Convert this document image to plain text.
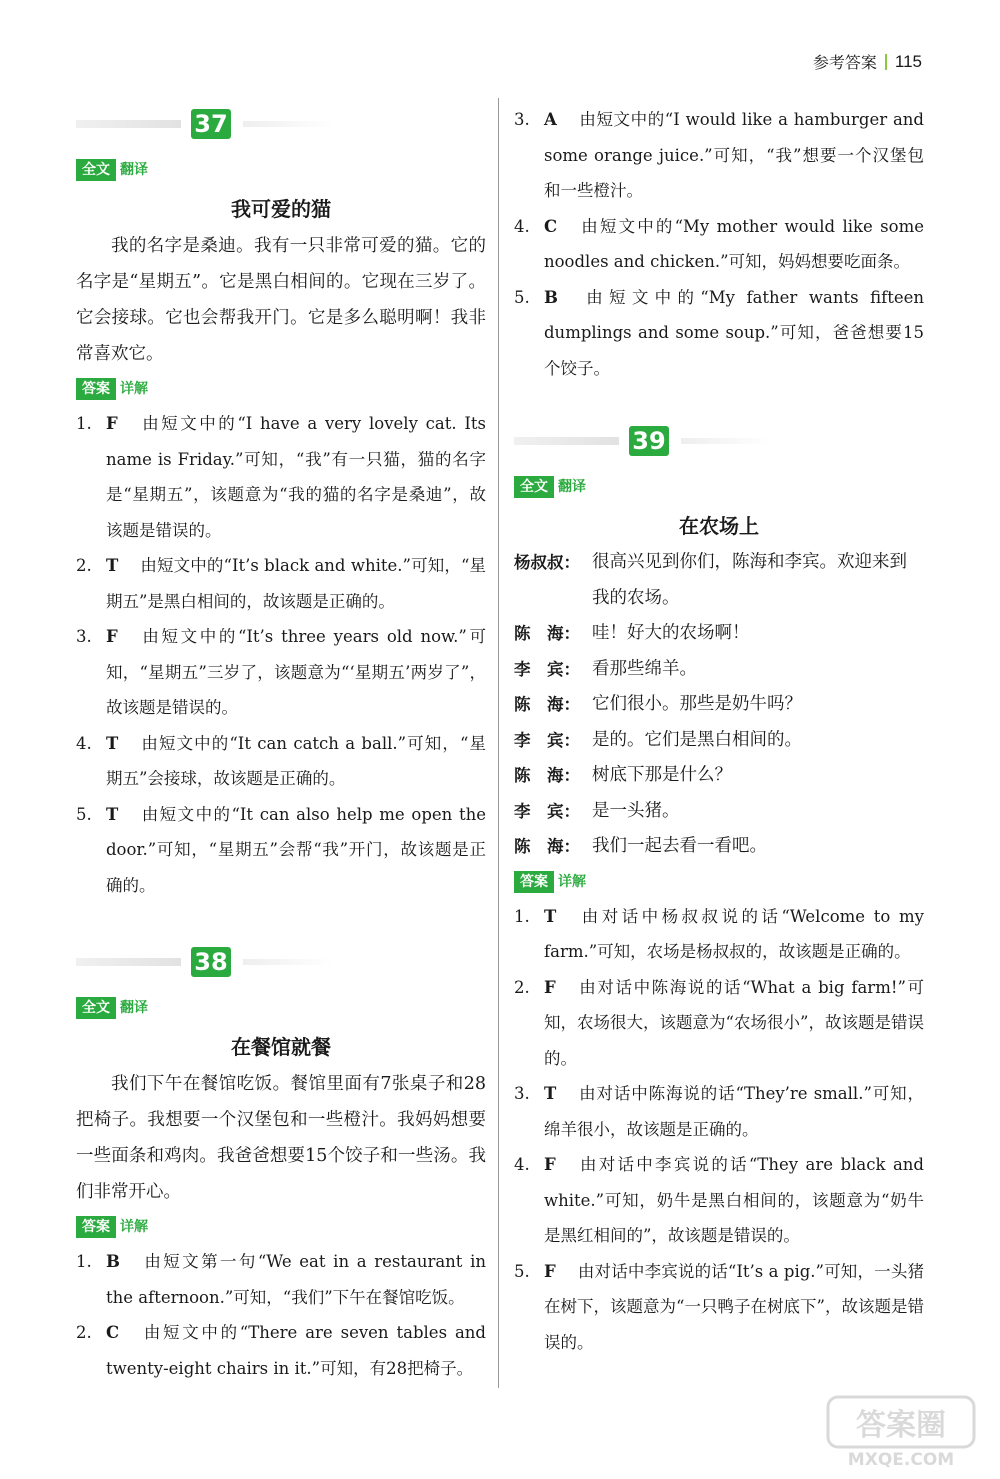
参考答案 115
37
全文 翻译
我可爱的猫
我的名字是桑迪。我有一只非常可爱的猫。它的名字是“星期五”。它是黑白相间的。它现在三岁了。它会接球。它也会帮我开门。它是多么聪明啊！我非常喜欢它。
答案 详解
1. F 由短文中的“I have a very lovely cat. Its name is Friday.”可知，“我”有一只猫，猫的名字是“星期五”，该题意为“我的猫的名字是桑迪”，故该题是错误的。
2. T 由短文中的“It’s black and white.”可知，“星期五”是黑白相间的，故该题是正确的。
3. F 由短文中的“It’s three years old now.”可知，“星期五”三岁了，该题意为“‘星期五’两岁了”，故该题是错误的。
4. T 由短文中的“It can catch a ball.”可知，“星期五”会接球，故该题是正确的。
5. T 由短文中的“It can also help me open the door.”可知，“星期五”会帮“我”开门，故该题是正确的。
38
全文 翻译
在餐馆就餐
我们下午在餐馆吃饭。餐馆里面有7张桌子和28把椅子。我想要一个汉堡包和一些橙汁。我妈妈想要一些面条和鸡肉。我爸爸想要15个饺子和一些汤。我们非常开心。
答案 详解
1. B 由短文第一句“We eat in a restaurant in the afternoon.”可知，“我们”下午在餐馆吃饭。
2. C 由短文中的“There are seven tables and twenty-eight chairs in it.”可知，有28把椅子。
3. A 由短文中的“I would like a hamburger and some orange juice.”可知，“我”想要一个汉堡包和一些橙汁。
4. C 由短文中的“My mother would like some noodles and chicken.”可知，妈妈想要吃面条。
5. B 由短文中的“My father wants fifteen dumplings and some soup.”可知，爸爸想要15个饺子。
39
全文 翻译
在农场上
杨叔叔： 很高兴见到你们，陈海和李宾。欢迎来到我的农场。
陈　海： 哇！好大的农场啊！
李　宾： 看那些绵羊。
陈　海： 它们很小。那些是奶牛吗？
李　宾： 是的。它们是黑白相间的。
陈　海： 树底下那是什么？
李　宾： 是一头猪。
陈　海： 我们一起去看一看吧。
答案 详解
1. T 由对话中杨叔叔说的话“Welcome to my farm.”可知，农场是杨叔叔的，故该题是正确的。
2. F 由对话中陈海说的话“What a big farm!”可知，农场很大，该题意为“农场很小”，故该题是错误的。
3. T 由对话中陈海说的话“They’re small.”可知，绵羊很小，故该题是正确的。
4. F 由对话中李宾说的话“They are black and white.”可知，奶牛是黑白相间的，该题意为“奶牛是黑红相间的”，故该题是错误的。
5. F 由对话中李宾说的话“It’s a pig.”可知，一头猪在树下，该题意为“一只鸭子在树底下”，故该题是错误的。
答案圈
MXQE.COM
